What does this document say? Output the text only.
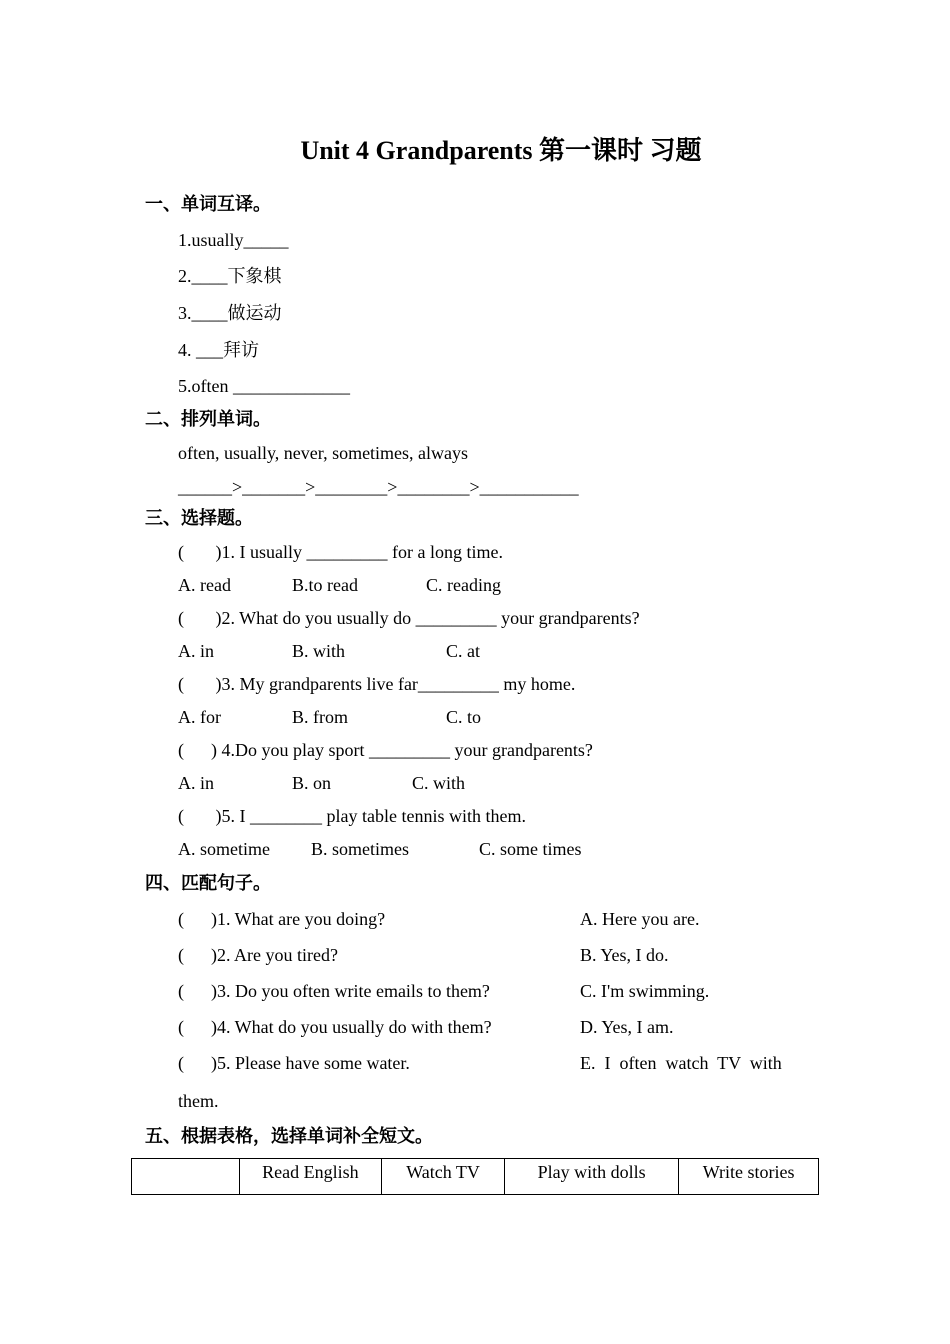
Unit 4 Grandparents 第一课时 习题
一、单词互译。
1.usually_____
2.____下象棋
3.____做运动
4. ___拜访
5.often _____________
二、排列单词。
often, usually, never, sometimes, always
______>_______>________>________>___________
三、选择题。
(       )1. I usually _________ for a long time.
A. read	B.to read	C. reading
(       )2. What do you usually do _________ your grandparents?
A. in	B. with	C. at
(       )3. My grandparents live far_________ my home.
A. for	B. from	C. to
(      ) 4.Do you play sport _________ your grandparents?
A. in	B. on	C. with
(       )5. I ________ play table tennis with them.
A. sometime B. sometimes	C. some times
四、匹配句子。
(      )1. What are you doing?	A. Here you are.
(      )2. Are you tired?	B. Yes, I do.
(      )3. Do you often write emails to them?	C. I'm swimming.
(      )4. What do you usually do with them?	D. Yes, I am.
(      )5. Please have some water.	E.  I  often  watch  TV  with
them.
五、根据表格，选择单词补全短文。
	Read English	Watch TV	Play with dolls	Write stories
